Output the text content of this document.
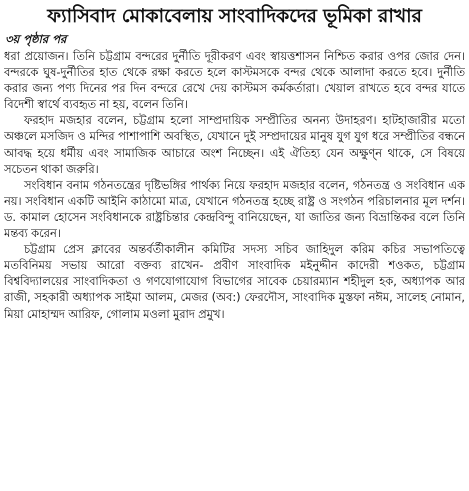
ফ্যাসিবাদ মোকাবেলায় সাংবাদিকদের ভূমিকা রাখার
৩য় পৃষ্ঠার পর

ধরা প্রয়োজন। তিনি চট্টগ্রাম বন্দরের দুর্নীতি দূরীকরণ এবং স্বায়ত্তশাসন নিশ্চিত করার ওপর জোর দেন। বন্দরকে ঘুষ-দুর্নীতির হাত থেকে রক্ষা করতে হলে কাস্টমসকে বন্দর থেকে আলাদা করতে হবে। দুর্নীতি করার জন্য পণ্য দিনের পর দিন বন্দরে রেখে দেয় কাস্টমস কর্মকর্তারা। খেয়াল রাখতে হবে বন্দর যাতে বিদেশী স্বার্থে ব্যবহৃত না হয়, বলেন তিনি।

ফরহাদ মজহার বলেন, চট্টগ্রাম হলো সাম্প্রদায়িক সম্প্রীতির অনন্য উদাহরণ। হাটহাজারীর মতো অঞ্চলে মসজিদ ও মন্দির পাশাপাশি অবস্থিত, যেখানে দুই সম্প্রদায়ের মানুষ যুগ যুগ ধরে সম্প্রীতির বন্ধনে আবদ্ধ হয়ে ধর্মীয় এবং সামাজিক আচারে অংশ নিচ্ছেন। এই ঐতিহ্য যেন অক্ষুণ্ন থাকে, সে বিষয়ে সচেতন থাকা জরুরি।

সংবিধান বনাম গঠনতন্ত্রের দৃষ্টিভঙ্গির পার্থক্য নিয়ে ফরহাদ মজহার বলেন, গঠনতন্ত্র ও সংবিধান এক নয়। সংবিধান একটি আইনি কাঠামো মাত্র, যেখানে গঠনতন্ত্র হচ্ছে রাষ্ট্র ও সংগঠন পরিচালনার মূল দর্শন। ড. কামাল হোসেন সংবিধানকে রাষ্ট্রচিন্তার কেন্দ্রবিন্দু বানিয়েছেন, যা জাতির জন্য বিভ্রান্তিকর বলে তিনি মন্তব্য করেন।

চট্টগ্রাম প্রেস ক্লাবের অন্তর্বর্তীকালীন কমিটির সদস্য সচিব জাহিদুল করিম কচির সভাপতিত্বে মতবিনিময় সভায় আরো বক্তব্য রাখেন- প্রবীণ সাংবাদিক মইনুদ্দীন কাদেরী শওকত, চট্টগ্রাম বিশ্ববিদ্যালয়ের সাংবাদিকতা ও গণযোগাযোগ বিভাগের সাবেক চেয়ারম্যান শহীদুল হক, অধ্যাপক আর রাজী, সহকারী অধ্যাপক সাইমা আলম, মেজর (অব:) ফেরদৌস, সাংবাদিক মুস্তফা নঈম, সালেহ নোমান, মিয়া মোহাম্মদ আরিফ, গোলাম মওলা মুরাদ প্রমুখ।
